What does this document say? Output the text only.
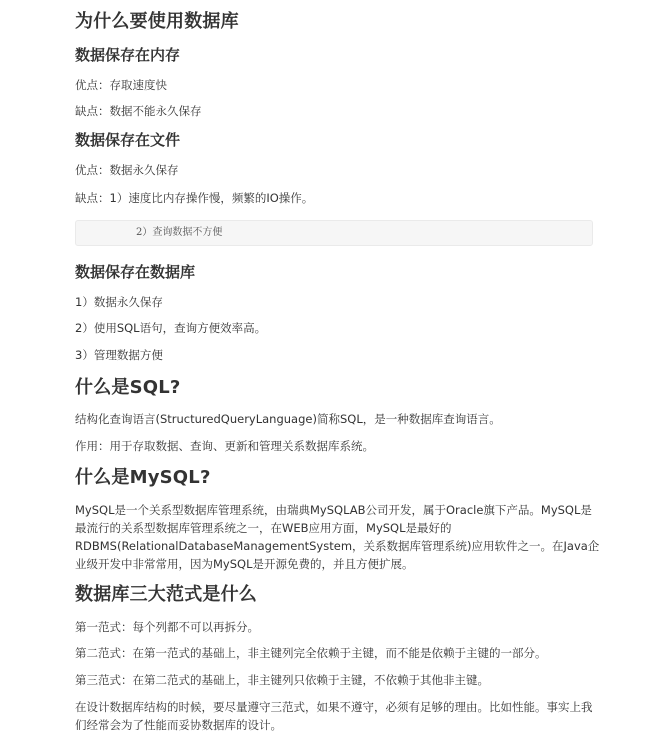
为什么要使用数据库
数据保存在内存

优点：存取速度快

缺点：数据不能永久保存

数据保存在文件

优点：数据永久保存

缺点：1）速度比内存操作慢，频繁的IO操作。

2）查询数据不方便
数据保存在数据库

1）数据永久保存

2）使用SQL语句，查询方便效率高。

3）管理数据方便

什么是SQL?

结构化查询语言(StructuredQueryLanguage)简称SQL，是一种数据库查询语言。

作用：用于存取数据、查询、更新和管理关系数据库系统。

什么是MySQL?

MySQL是一个关系型数据库管理系统，由瑞典MySQLAB公司开发，属于Oracle旗下产品。MySQL是最流行的关系型数据库管理系统之一，在WEB应用方面，MySQL是最好的RDBMS(RelationalDatabaseManagementSystem，关系数据库管理系统)应用软件之一。在Java企业级开发中非常常用，因为MySQL是开源免费的，并且方便扩展。

数据库三大范式是什么

第一范式：每个列都不可以再拆分。

第二范式：在第一范式的基础上，非主键列完全依赖于主键，而不能是依赖于主键的一部分。

第三范式：在第二范式的基础上，非主键列只依赖于主键，不依赖于其他非主键。

在设计数据库结构的时候，要尽量遵守三范式，如果不遵守，必须有足够的理由。比如性能。事实上我们经常会为了性能而妥协数据库的设计。
